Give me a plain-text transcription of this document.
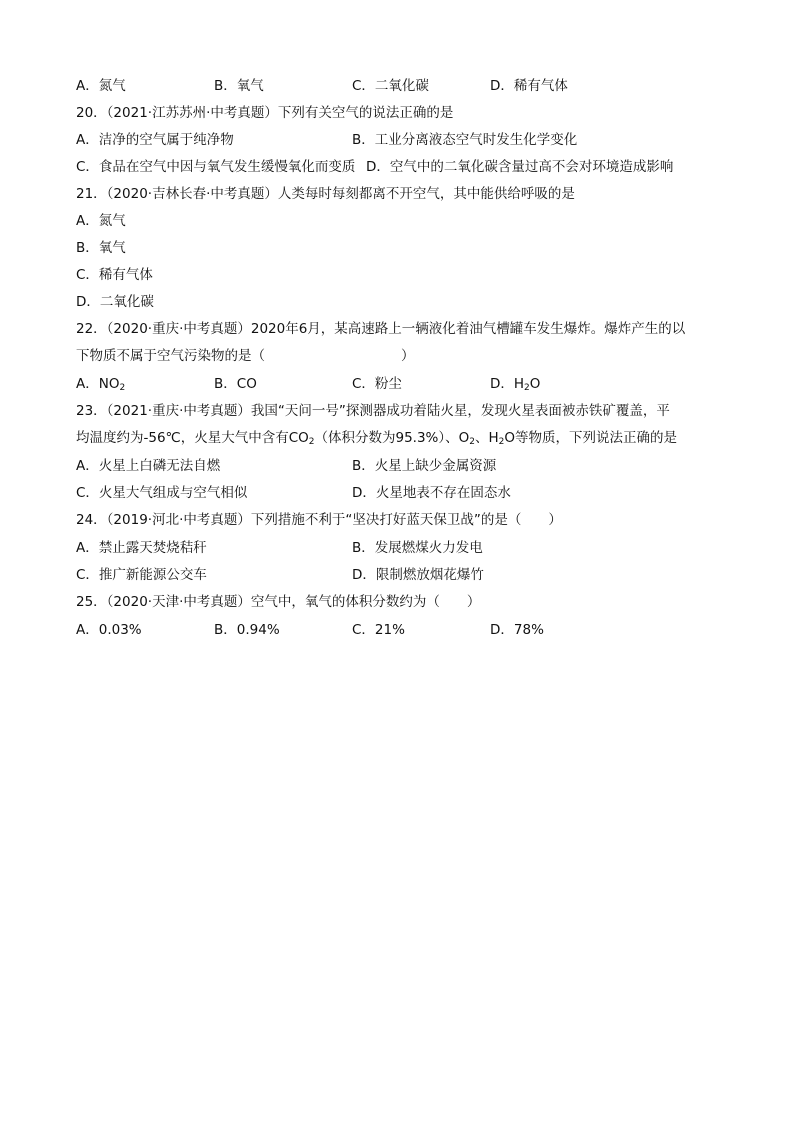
A．氮气	B．氧气	C．二氧化碳	D．稀有气体
20．（2021·江苏苏州·中考真题）下列有关空气的说法正确的是
A．洁净的空气属于纯净物	B．工业分离液态空气时发生化学变化
C．食品在空气中因与氧气发生缓慢氧化而变质 D．空气中的二氧化碳含量过高不会对环境造成影响
21．（2020·吉林长春·中考真题）人类每时每刻都离不开空气，其中能供给呼吸的是
A．氮气
B．氧气
C．稀有气体
D．二氧化碳
22．（2020·重庆·中考真题）2020年6月，某高速路上一辆液化着油气槽罐车发生爆炸。爆炸产生的以
下物质不属于空气污染物的是（	）
A．$NO_2$	B．CO	C．粉尘	D．$H_2O$
23．（2021·重庆·中考真题）我国“天问一号”探测器成功着陆火星，发现火星表面被赤铁矿覆盖，平
均温度约为-56℃，火星大气中含有$CO_2$（体积分数为95.3%）、$O_2$、$H_2O$等物质，下列说法正确的是
A．火星上白磷无法自燃	B．火星上缺少金属资源
C．火星大气组成与空气相似	D．火星地表不存在固态水
24．（2019·河北·中考真题）下列措施不利于“坚决打好蓝天保卫战”的是（　　）
A．禁止露天焚烧秸秆	B．发展燃煤火力发电
C．推广新能源公交车	D．限制燃放烟花爆竹
25．（2020·天津·中考真题）空气中，氧气的体积分数约为（　　）
A．0.03%	B．0.94%	C．21%	D．78%
